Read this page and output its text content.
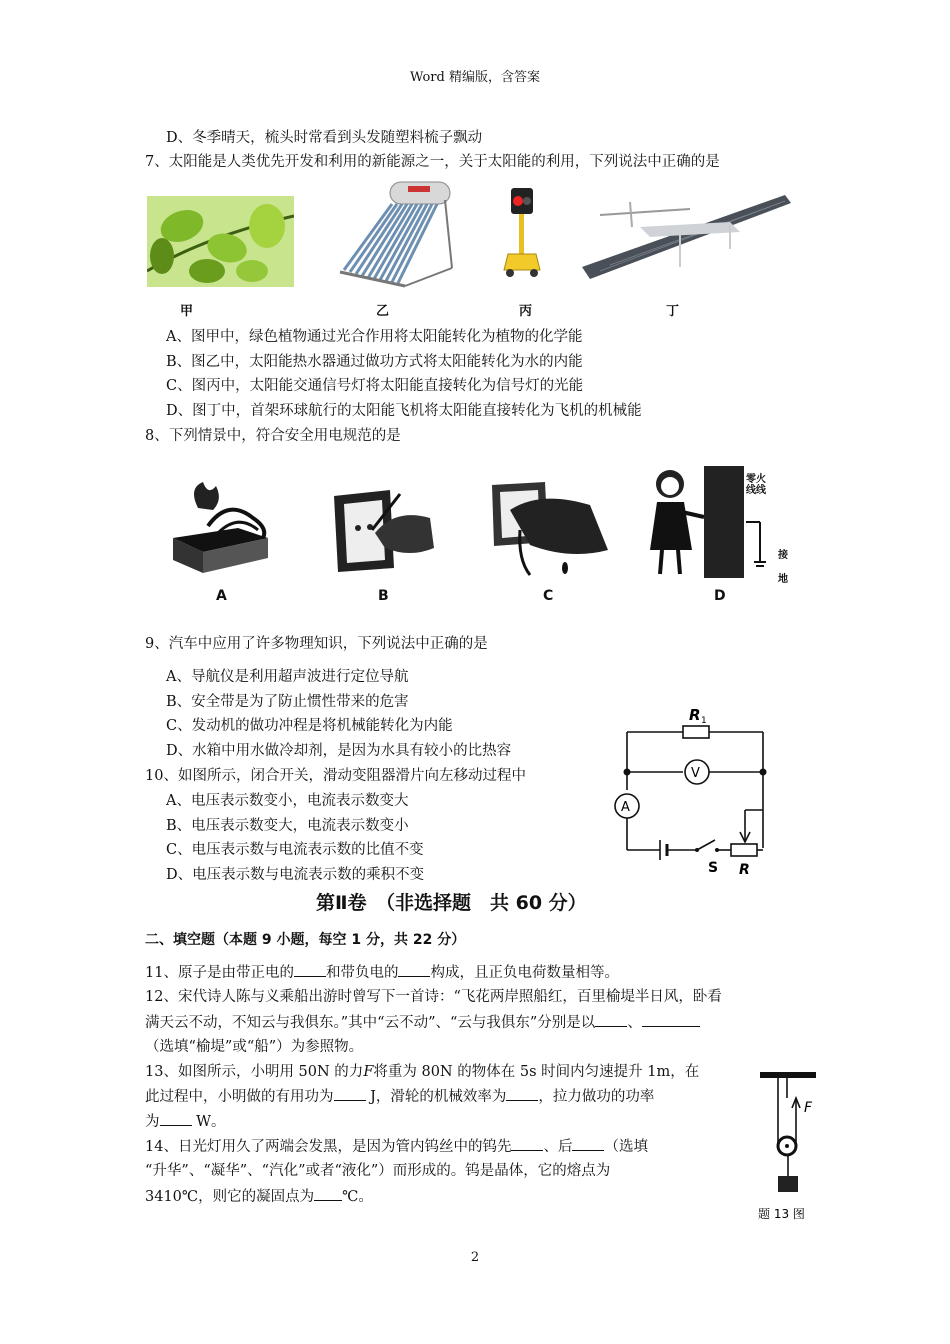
Word 精编版，含答案
D、冬季晴天，梳头时常看到头发随塑料梳子飘动
7、太阳能是人类优先开发和利用的新能源之一，关于太阳能的利用，下列说法中正确的是
甲	乙	丙	丁
A、图甲中，绿色植物通过光合作用将太阳能转化为植物的化学能
B、图乙中，太阳能热水器通过做功方式将太阳能转化为水的内能
C、图丙中，太阳能交通信号灯将太阳能直接转化为信号灯的光能
D、图丁中，首架环球航行的太阳能飞机将太阳能直接转化为飞机的机械能
8、下列情景中，符合安全用电规范的是
零火
线线
接
地
A	B	C	D
9、汽车中应用了许多物理知识，下列说法中正确的是
A、导航仪是利用超声波进行定位导航
B、安全带是为了防止惯性带来的危害
C、发动机的做功冲程是将机械能转化为内能
D、水箱中用水做冷却剂，是因为水具有较小的比热容
10、如图所示，闭合开关，滑动变阻器滑片向左移动过程中
A、电压表示数变小，电流表示数变大
B、电压表示数变大，电流表示数变小
C、电压表示数与电流表示数的比值不变
D、电压表示数与电流表示数的乘积不变
R 1
V
A
S R
第Ⅱ卷　（非选择题　共 60 分）
二、填空题（本题 9 小题，每空 1 分，共 22 分）
11、原子是由带正电的 和带负电的 构成，且正负电荷数量相等。
12、宋代诗人陈与义乘船出游时曾写下一首诗：“飞花两岸照船红，百里榆堤半日风，卧看
满天云不动，不知云与我俱东。”其中“云不动”、“云与我俱东”分别是以 、
（选填“榆堤”或“船”）为参照物。
13、如图所示，小明用 50N 的力F将重为 80N 的物体在 5s 时间内匀速提升 1m，在
此过程中，小明做的有用功为 J，滑轮的机械效率为 ，拉力做功的功率
为 W。
F
题 13 图
14、日光灯用久了两端会发黑，是因为管内钨丝中的钨先 、后 （选填
“升华”、“凝华”、“汽化”或者“液化”）而形成的。钨是晶体，它的熔点为
3410℃，则它的凝固点为 ℃。
2
